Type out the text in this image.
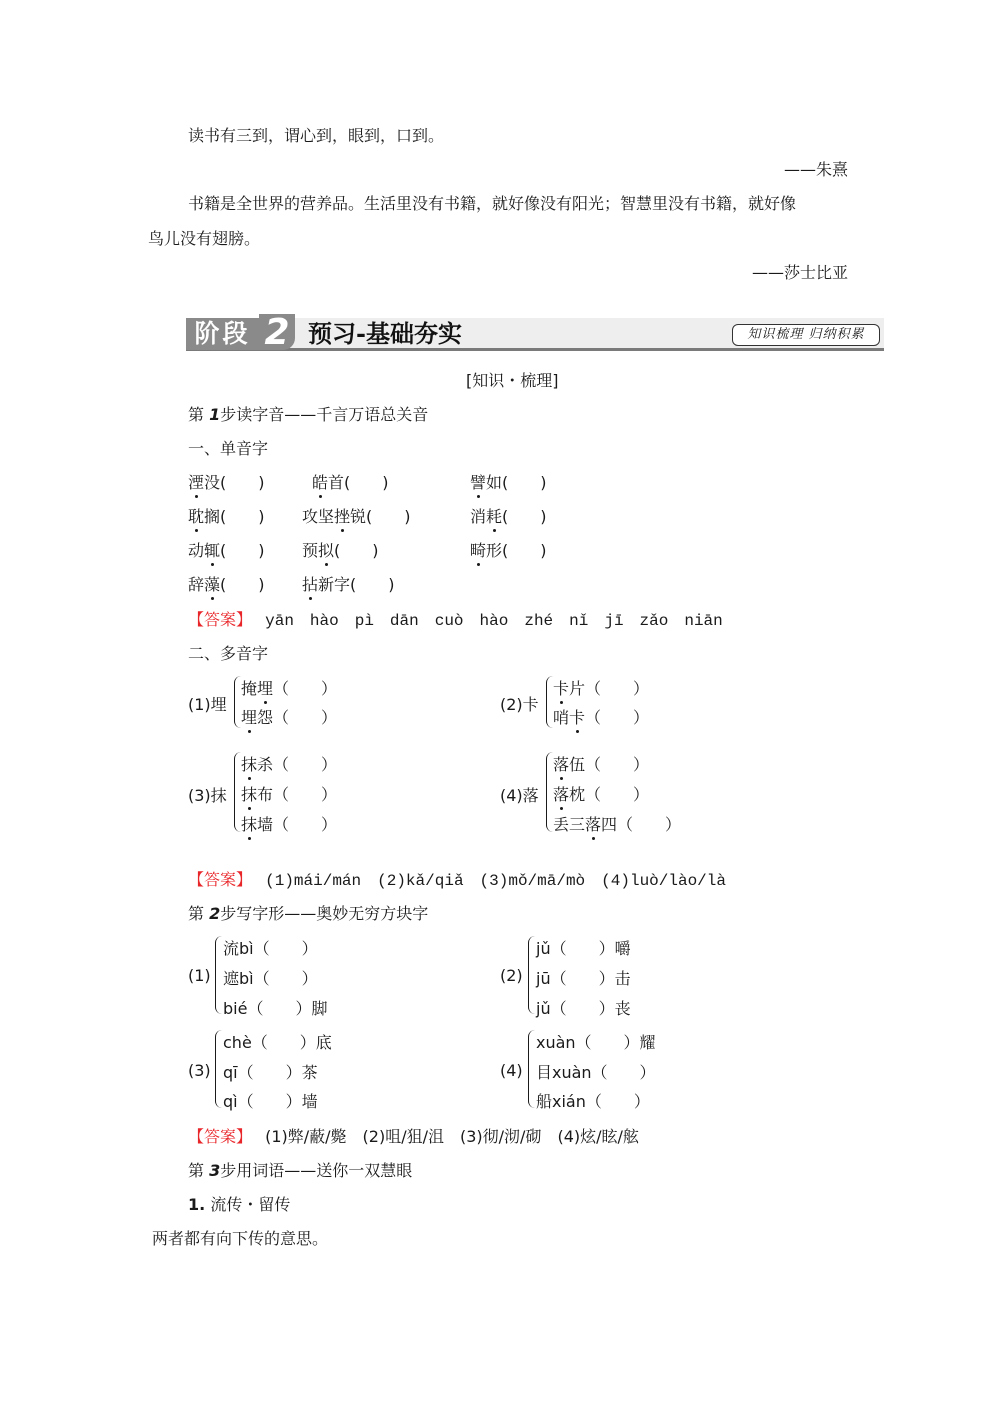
读书有三到，谓心到，眼到，口到。
——朱熹
书籍是全世界的营养品。生活里没有书籍，就好像没有阳光；智慧里没有书籍，就好像
鸟儿没有翅膀。
——莎士比亚
阶段 2 预习-基础夯实	知识梳理 归纳积累
[知识・梳理]
第 1步读字音——千言万语总关音
一、单音字
湮没(　　)	皓首(　　)	譬如(　　)
耽搁(　　) 攻坚挫锐(　　)	消耗(　　)
动辄(　　) 预拟(　　)	畸形(　　)
辞藻(　　) 拈新字(　　)
【答案】 yān　hào　pì　dān　cuò　hào　zhé　nǐ　jī　zǎo　niān
二、多音字
(1)埋
掩埋（　　）
埋怨（　　）
(2)卡
卡片（　　）
哨卡（　　）
(3)抹
抹杀（　　）
抹布（　　）
抹墙（　　）
(4)落
落伍（　　）
落枕（　　）
丢三落四（　　）
【答案】 (1)mái/mán　(2)kǎ/qiǎ　(3)mǒ/mā/mò　(4)luò/lào/là
第 2步写字形——奥妙无穷方块字
(1)
流bì（　　）
遮bì（　　）
bié（　　）脚
(2)
jǔ（　　）嚼
jū（　　）击
jǔ（　　）丧
(3)
chè（　　）底
qī（　　）茶
qì（　　）墙
(4)
xuàn（　　）耀
目xuàn（　　）
船xián（　　）
【答案】 (1)弊/蔽/斃　(2)咀/狙/沮　(3)彻/沏/砌　(4)炫/眩/舷
第 3步用词语——送你一双慧眼
1. 流传・留传
两者都有向下传的意思。
